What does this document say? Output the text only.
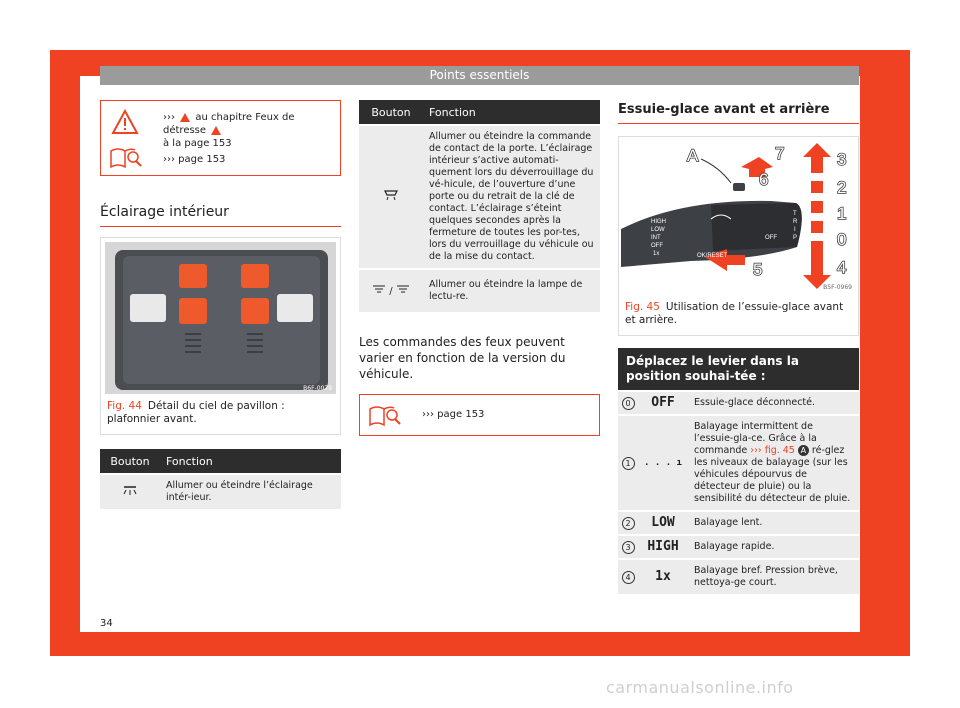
Points essentiels
››› au chapitre Feux de détresse
à la page 153
››› page 153
Éclairage intérieur
B6F-0079
Fig. 44 Détail du ciel de pavillon : plafonnier avant.
Bouton	Fonction
	Allumer ou éteindre l’éclairage intér-ieur.
Bouton	Fonction
	Allumer ou éteindre la commande de contact de la porte. L’éclairage intérieur s’active automati-quement lors du déverrouillage du vé-hicule, de l’ouverture d’une porte ou du retrait de la clé de contact. L’éclairage s’éteint quelques secondes après la fermeture de toutes les por-tes, lors du verrouillage du véhicule ou de la mise du contact.
/	Allumer ou éteindre la lampe de lectu-re.
Les commandes des feux peuvent varier en fonction de la version du véhicule.
››› page 153
Essuie-glace avant et arrière
A	7
6
3
2
1
0
4
5
HIGH
LOW
INT
OFF
1x	OK/RESET
OFF
T
R
I
P
B5F-0969
Fig. 45 Utilisation de l’essuie-glace avant et arrière.
Déplacez le levier dans la position souhai-tée :
0	OFF	Essuie-glace déconnecté.
1	. . . ı	Balayage intermittent de l’essuie-gla-ce. Grâce à la commande ››› fig. 45 A ré-glez les niveaux de balayage (sur les véhicules dépourvus de détecteur de pluie) ou la sensibilité du détecteur de pluie.
2	LOW	Balayage lent.
3	HIGH	Balayage rapide.
4	1x	Balayage bref. Pression brève, nettoya-ge court.
34
carmanualsonline.info
